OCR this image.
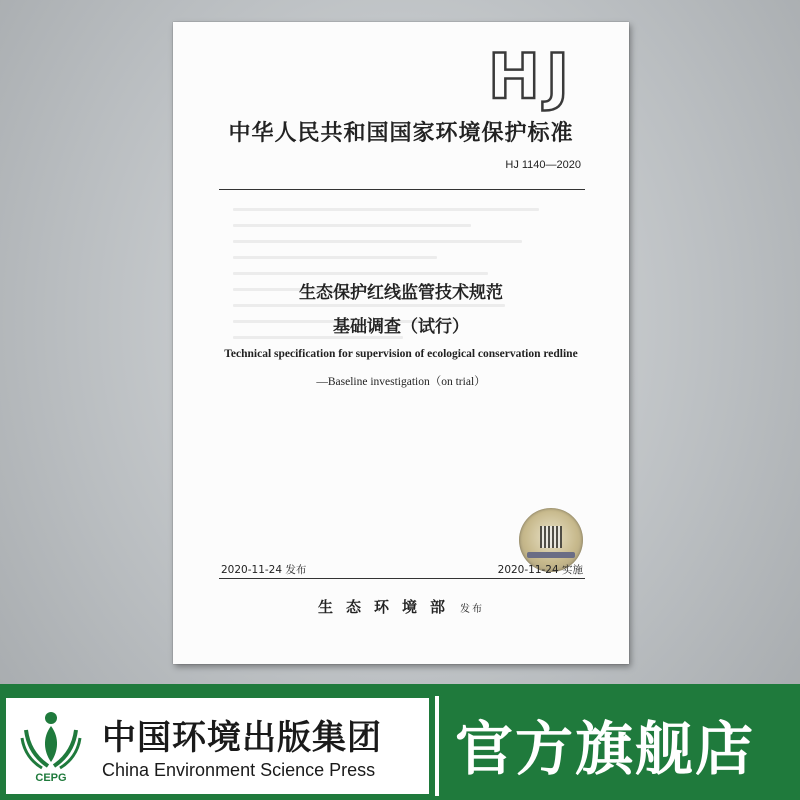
HJ
中华人民共和国国家环境保护标准
HJ 1140—2020
生态保护红线监管技术规范
基础调查（试行）
Technical specification for supervision of ecological conservation redline
—Baseline investigation（on trial）
2020-11-24 发布	2020-11-24 实施
生态环境部 发布
CEPG
中国环境出版集团
China Environment Science Press 官方旗舰店
